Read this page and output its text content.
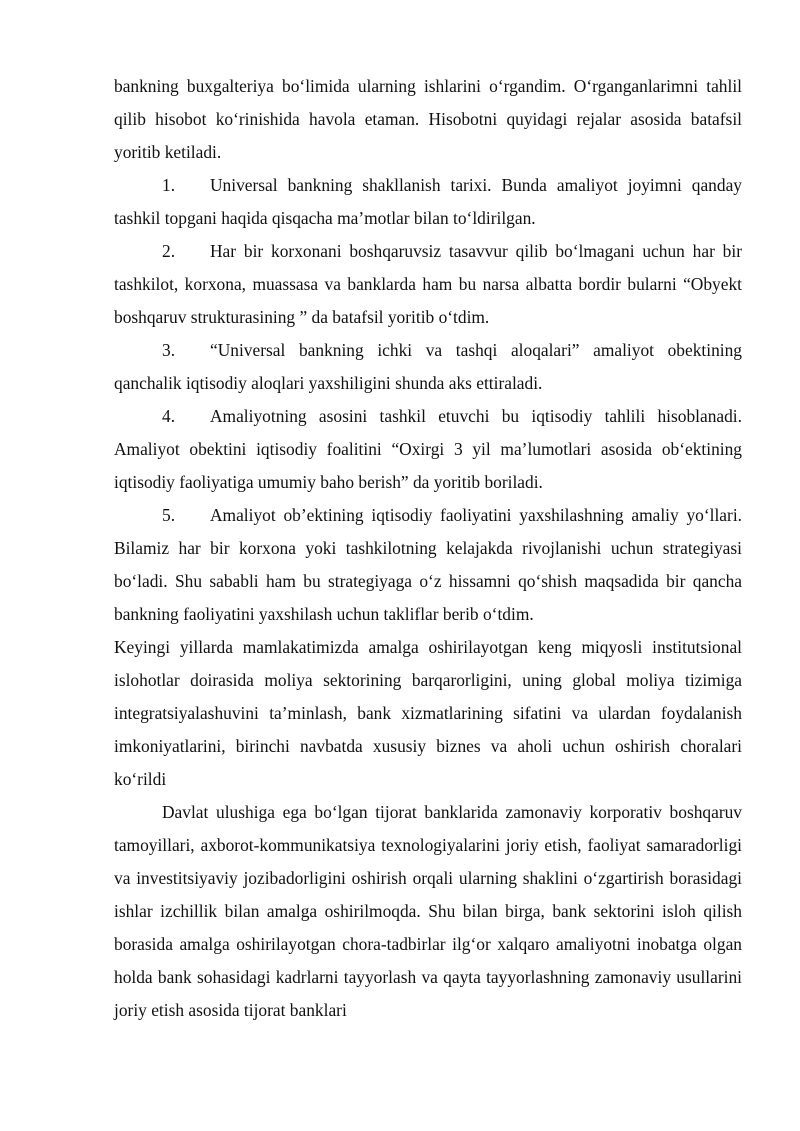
bankning buxgalteriya bo‘limida ularning ishlarini o‘rgandim. O‘rganganlarimni tahlil qilib hisobot ko‘rinishida havola etaman. Hisobotni quyidagi rejalar asosida batafsil yoritib ketiladi.

1. Universal bankning shakllanish tarixi. Bunda amaliyot joyimni qanday tashkil topgani haqida qisqacha ma’motlar bilan to‘ldirilgan.

2. Har bir korxonani boshqaruvsiz tasavvur qilib bo‘lmagani uchun har bir tashkilot, korxona, muassasa va banklarda ham bu narsa albatta bordir bularni “Obyekt boshqaruv strukturasining ” da batafsil yoritib o‘tdim.

3. “Universal bankning ichki va tashqi aloqalari” amaliyot obektining qanchalik iqtisodiy aloqlari yaxshiligini shunda aks ettiraladi.

4. Amaliyotning asosini tashkil etuvchi bu iqtisodiy tahlili hisoblanadi. Amaliyot obektini iqtisodiy foalitini “Oxirgi 3 yil ma’lumotlari asosida ob‘ektining iqtisodiy faoliyatiga umumiy baho berish” da yoritib boriladi.

5. Amaliyot ob’ektining iqtisodiy faoliyatini yaxshilashning amaliy yo‘llari. Bilamiz har bir korxona yoki tashkilotning kelajakda rivojlanishi uchun strategiyasi bo‘ladi. Shu sababli ham bu strategiyaga o‘z hissamni qo‘shish maqsadida bir qancha bankning faoliyatini yaxshilash uchun takliflar berib o‘tdim.

Keyingi yillarda mamlakatimizda amalga oshirilayotgan keng miqyosli institutsional islohotlar doirasida moliya sektorining barqarorligini, uning global moliya tizimiga integratsiyalashuvini ta’minlash, bank xizmatlarining sifatini va ulardan foydalanish imkoniyatlarini, birinchi navbatda xususiy biznes va aholi uchun oshirish choralari ko‘rildi

Davlat ulushiga ega bo‘lgan tijorat banklarida zamonaviy korporativ boshqaruv tamoyillari, axborot-kommunikatsiya texnologiyalarini joriy etish, faoliyat samaradorligi va investitsiyaviy jozibadorligini oshirish orqali ularning shaklini o‘zgartirish borasidagi ishlar izchillik bilan amalga oshirilmoqda. Shu bilan birga, bank sektorini isloh qilish borasida amalga oshirilayotgan chora-tadbirlar ilg‘or xalqaro amaliyotni inobatga olgan holda bank sohasidagi kadrlarni tayyorlash va qayta tayyorlashning zamonaviy usullarini joriy etish asosida tijorat banklari
